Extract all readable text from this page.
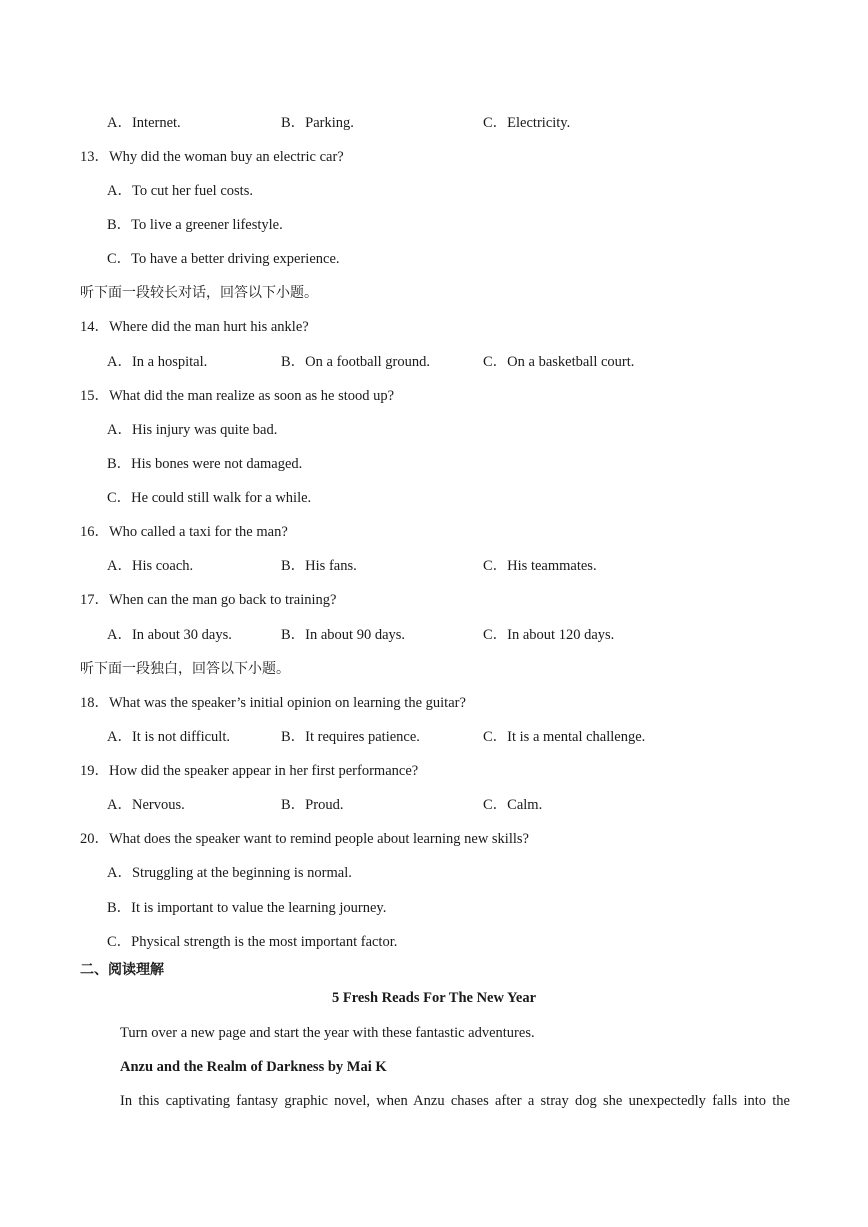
A．Internet.	B．Parking.	C．Electricity.
13．Why did the woman buy an electric car?
A．To cut her fuel costs.
B．To live a greener lifestyle.
C．To have a better driving experience.
听下面一段较长对话，回答以下小题。
14．Where did the man hurt his ankle?
A．In a hospital.	B．On a football ground.	C．On a basketball court.
15．What did the man realize as soon as he stood up?
A．His injury was quite bad.
B．His bones were not damaged.
C．He could still walk for a while.
16．Who called a taxi for the man?
A．His coach.	B．His fans.	C．His teammates.
17．When can the man go back to training?
A．In about 30 days.	B．In about 90 days.	C．In about 120 days.
听下面一段独白，回答以下小题。
18．What was the speaker’s initial opinion on learning the guitar?
A．It is not difficult.	B．It requires patience.	C．It is a mental challenge.
19．How did the speaker appear in her first performance?
A．Nervous.	B．Proud.	C．Calm.
20．What does the speaker want to remind people about learning new skills?
A．Struggling at the beginning is normal.
B．It is important to value the learning journey.
C．Physical strength is the most important factor.
二、阅读理解
5 Fresh Reads For The New Year
Turn over a new page and start the year with these fantastic adventures.
Anzu and the Realm of Darkness by Mai K
In this captivating fantasy graphic novel, when Anzu chases after a stray dog she unexpectedly falls into the
